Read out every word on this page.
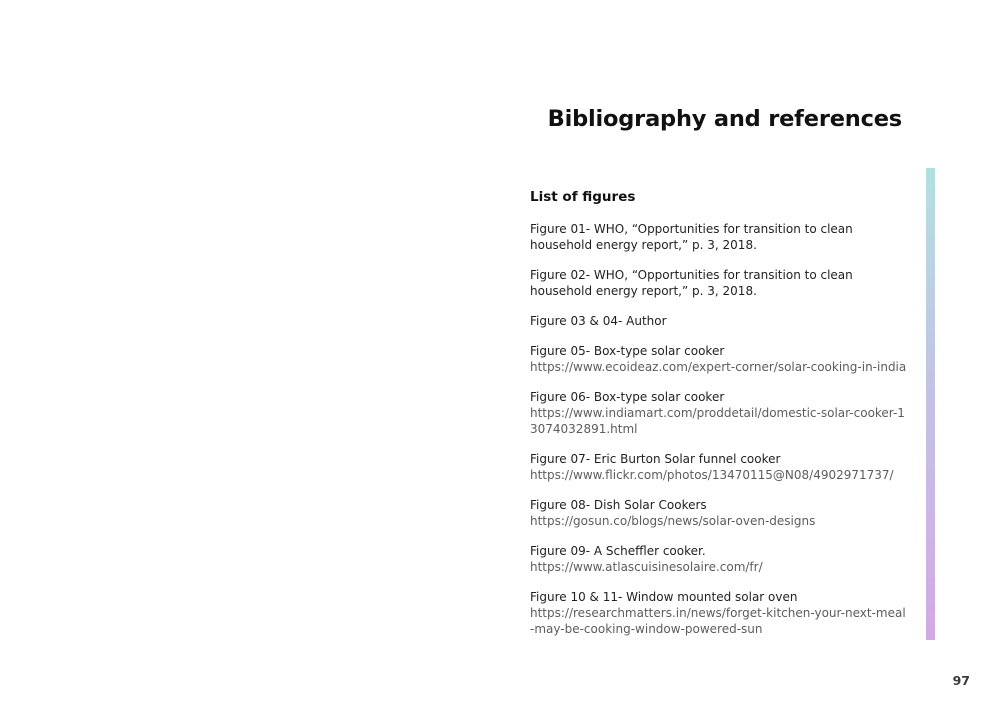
Bibliography and references
List of figures
Figure 01- WHO, “Opportunities for transition to clean
household energy report,” p. 3, 2018.
Figure 02- WHO, “Opportunities for transition to clean
household energy report,” p. 3, 2018.
Figure 03 & 04- Author
Figure 05- Box-type solar cooker
https://www.ecoideaz.com/expert-corner/solar-cooking-in-india
Figure 06- Box-type solar cooker
https://www.indiamart.com/proddetail/domestic-solar-cooker-1
3074032891.html
Figure 07- Eric Burton Solar funnel cooker
https://www.flickr.com/photos/13470115@N08/4902971737/
Figure 08- Dish Solar Cookers
https://gosun.co/blogs/news/solar-oven-designs
Figure 09- A Scheffler cooker.
https://www.atlascuisinesolaire.com/fr/
Figure 10 & 11- Window mounted solar oven
https://researchmatters.in/news/forget-kitchen-your-next-meal
-may-be-cooking-window-powered-sun
97
